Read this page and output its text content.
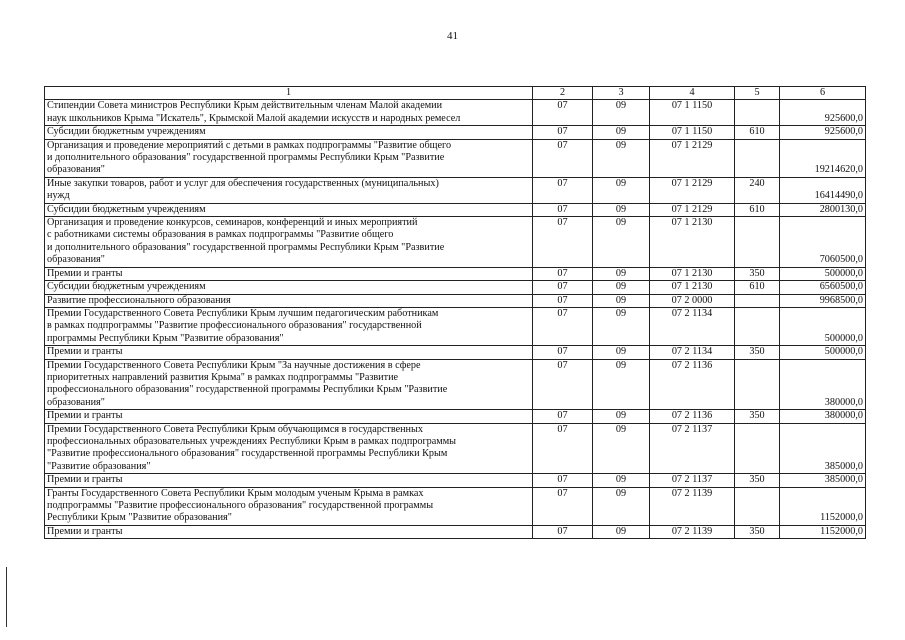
41
1	2	3	4	5	6
Стипендии Совета министров Республики Крым действительным членам Малой академии
наук школьников Крыма "Искатель", Крымской Малой академии искусств и народных ремесел	07	09	07 1 1150		925600,0
Субсидии бюджетным учреждениям	07	09	07 1 1150	610	925600,0
Организация и проведение мероприятий с детьми в рамках подпрограммы "Развитие общего
и дополнительного образования" государственной программы Республики Крым "Развитие
образования"	07	09	07 1 2129		19214620,0
Иные закупки товаров, работ и услуг для обеспечения государственных (муниципальных)
нужд	07	09	07 1 2129	240	16414490,0
Субсидии бюджетным учреждениям	07	09	07 1 2129	610	2800130,0
Организация и проведение конкурсов, семинаров, конференций и иных мероприятий
с работниками системы образования в рамках подпрограммы "Развитие общего
и дополнительного образования" государственной программы Республики Крым "Развитие
образования"	07	09	07 1 2130		7060500,0
Премии и гранты	07	09	07 1 2130	350	500000,0
Субсидии бюджетным учреждениям	07	09	07 1 2130	610	6560500,0
Развитие профессионального образования	07	09	07 2 0000		9968500,0
Премии Государственного Совета Республики Крым лучшим педагогическим работникам
в рамках подпрограммы "Развитие профессионального образования" государственной
программы Республики Крым "Развитие образования"	07	09	07 2 1134		500000,0
Премии и гранты	07	09	07 2 1134	350	500000,0
Премии Государственного Совета Республики Крым "За научные достижения в сфере
приоритетных направлений развития Крыма" в рамках подпрограммы "Развитие
профессионального образования" государственной программы Республики Крым "Развитие
образования"	07	09	07 2 1136		380000,0
Премии и гранты	07	09	07 2 1136	350	380000,0
Премии Государственного Совета Республики Крым обучающимся в государственных
профессиональных образовательных учреждениях Республики Крым в рамках подпрограммы
"Развитие профессионального образования" государственной программы Республики Крым
"Развитие образования"	07	09	07 2 1137		385000,0
Премии и гранты	07	09	07 2 1137	350	385000,0
Гранты Государственного Совета Республики Крым молодым ученым Крыма в рамках
подпрограммы "Развитие профессионального образования" государственной программы
Республики Крым "Развитие образования"	07	09	07 2 1139		1152000,0
Премии и гранты	07	09	07 2 1139	350	1152000,0
